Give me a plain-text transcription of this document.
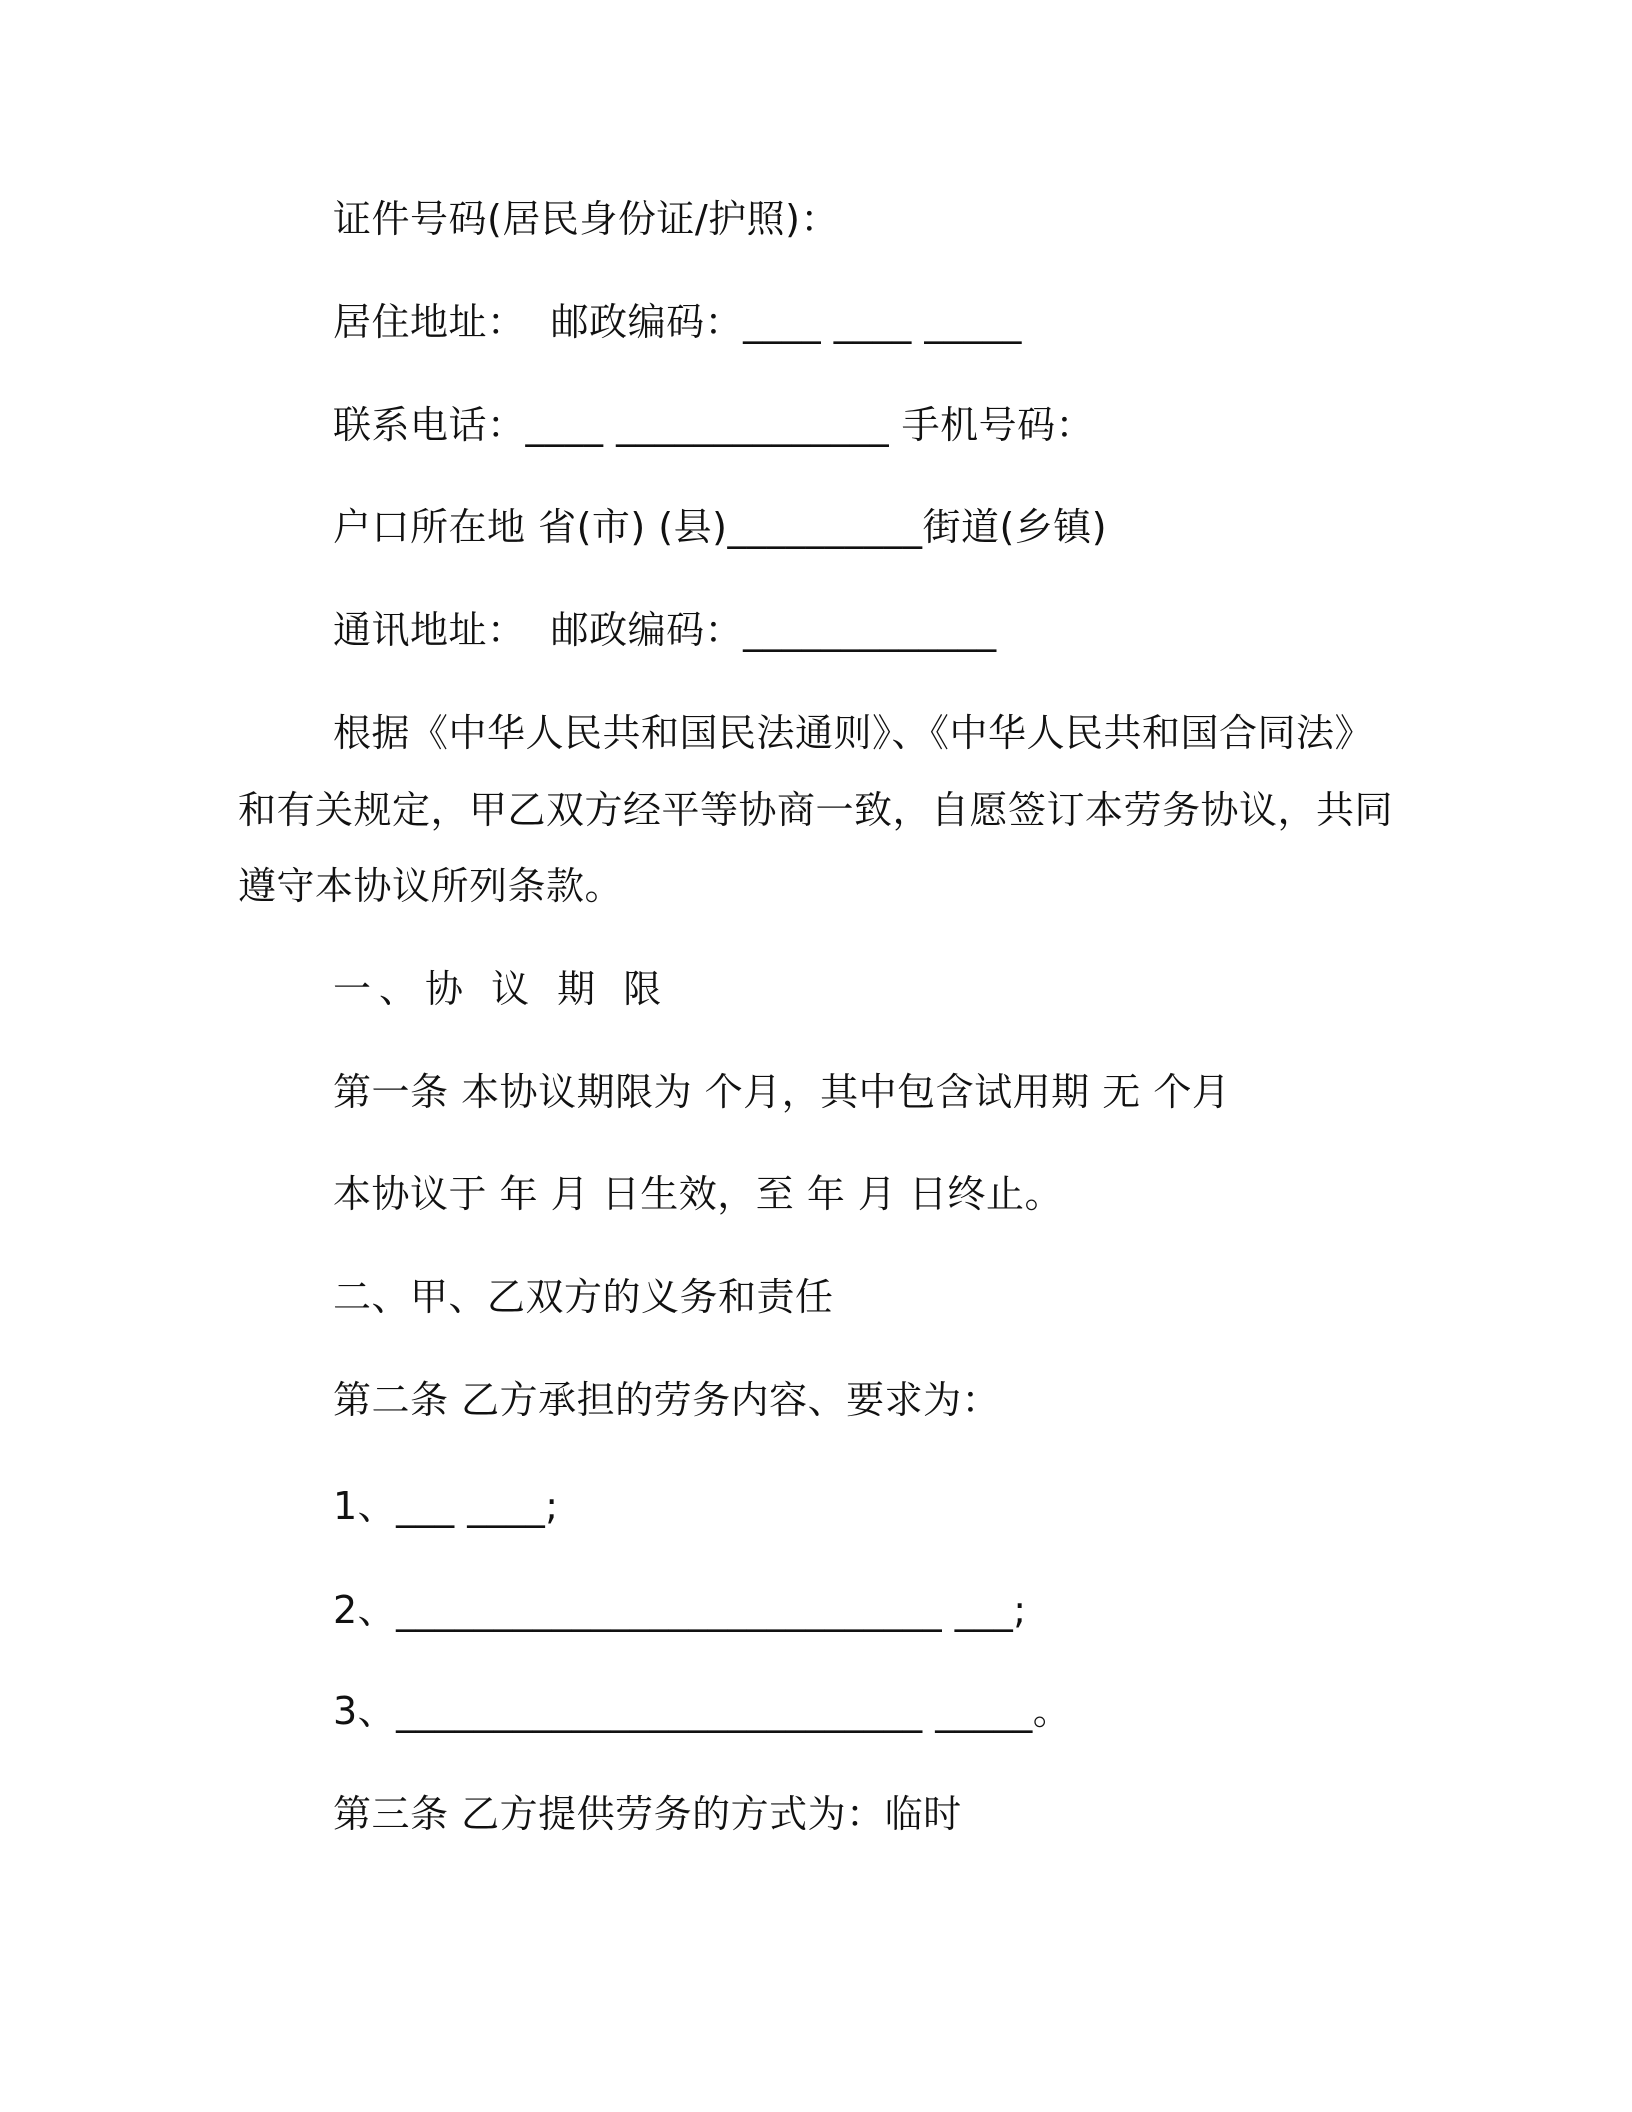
证件号码(居民身份证/护照)：
居住地址：  邮政编码：____ ____ _____
联系电话：____ ______________ 手机号码：
户口所在地 省(市) (县)__________街道(乡镇)
通讯地址：  邮政编码：_____________
根据《中华人民共和国民法通则》、《中华人民共和国合同法》
和有关规定，甲乙双方经平等协商一致，自愿签订本劳务协议，共同
遵守本协议所列条款。
一、协 议 期 限
第一条 本协议期限为 个月，其中包含试用期 无 个月
本协议于 年 月 日生效，至 年 月 日终止。
二、甲、乙双方的义务和责任
第二条 乙方承担的劳务内容、要求为：
1、___ ____;
2、____________________________ ___;
3、___________________________ _____。
第三条 乙方提供劳务的方式为：临时
